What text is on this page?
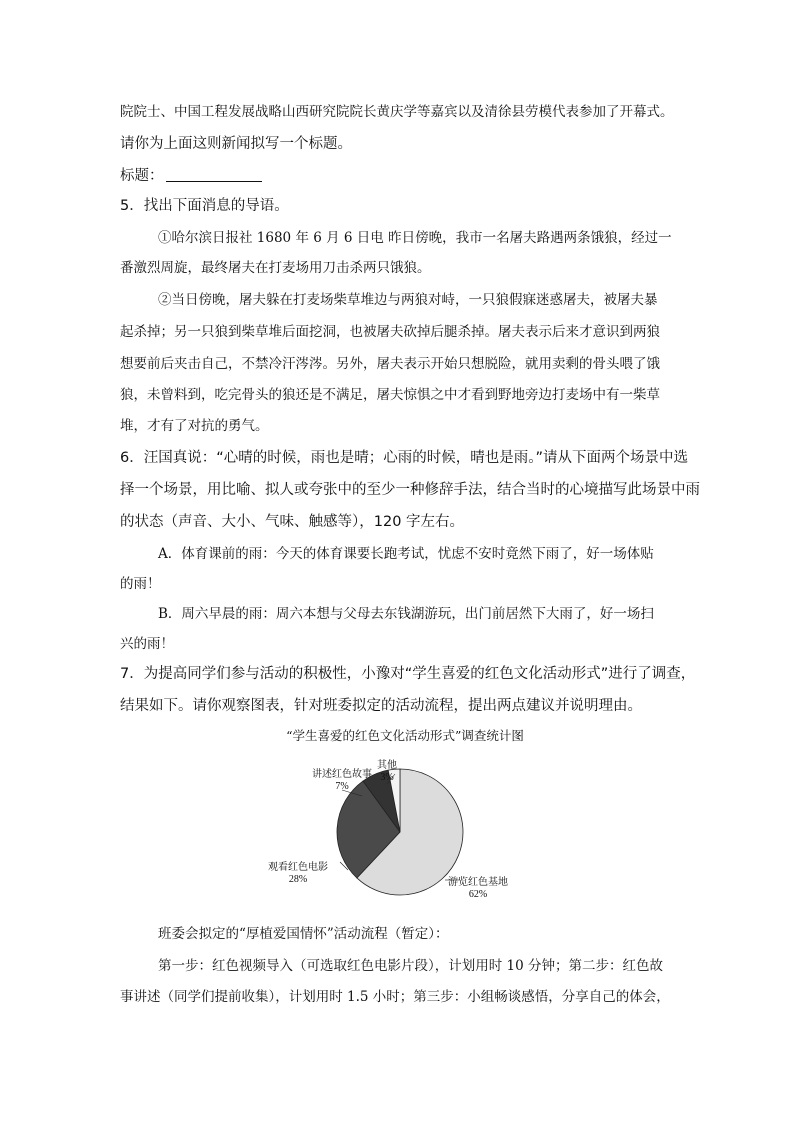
院院士、中国工程发展战略山西研究院院长黄庆学等嘉宾以及清徐县劳模代表参加了开幕式。
请你为上面这则新闻拟写一个标题。
标题：
5．找出下面消息的导语。
①哈尔滨日报社 1680 年 6 月 6 日电 昨日傍晚，我市一名屠夫路遇两条饿狼，经过一
番激烈周旋，最终屠夫在打麦场用刀击杀两只饿狼。
②当日傍晚，屠夫躲在打麦场柴草堆边与两狼对峙，一只狼假寐迷惑屠夫，被屠夫暴
起杀掉；另一只狼到柴草堆后面挖洞，也被屠夫砍掉后腿杀掉。屠夫表示后来才意识到两狼
想要前后夹击自己，不禁冷汗涔涔。另外，屠夫表示开始只想脱险，就用卖剩的骨头喂了饿
狼，未曾料到，吃完骨头的狼还是不满足，屠夫惊惧之中才看到野地旁边打麦场中有一柴草
堆，才有了对抗的勇气。
6．汪国真说：“心晴的时候，雨也是晴；心雨的时候，晴也是雨。”请从下面两个场景中选
择一个场景，用比喻、拟人或夸张中的至少一种修辞手法，结合当时的心境描写此场景中雨
的状态（声音、大小、气味、触感等），120 字左右。
A．体育课前的雨：今天的体育课要长跑考试，忧虑不安时竟然下雨了，好一场体贴
的雨！
B．周六早晨的雨：周六本想与父母去东钱湖游玩，出门前居然下大雨了，好一场扫
兴的雨！
7．为提高同学们参与活动的积极性，小豫对“学生喜爱的红色文化活动形式”进行了调查，
结果如下。请你观察图表，针对班委拟定的活动流程，提出两点建议并说明理由。
“学生喜爱的红色文化活动形式”调查统计图
游览红色基地
62%
观看红色电影
28%
讲述红色故事
7%
其他
3%
班委会拟定的“厚植爱国情怀”活动流程（暂定）：
第一步：红色视频导入（可选取红色电影片段），计划用时 10 分钟；第二步：红色故
事讲述（同学们提前收集），计划用时 1.5 小时；第三步：小组畅谈感悟，分享自己的体会，
